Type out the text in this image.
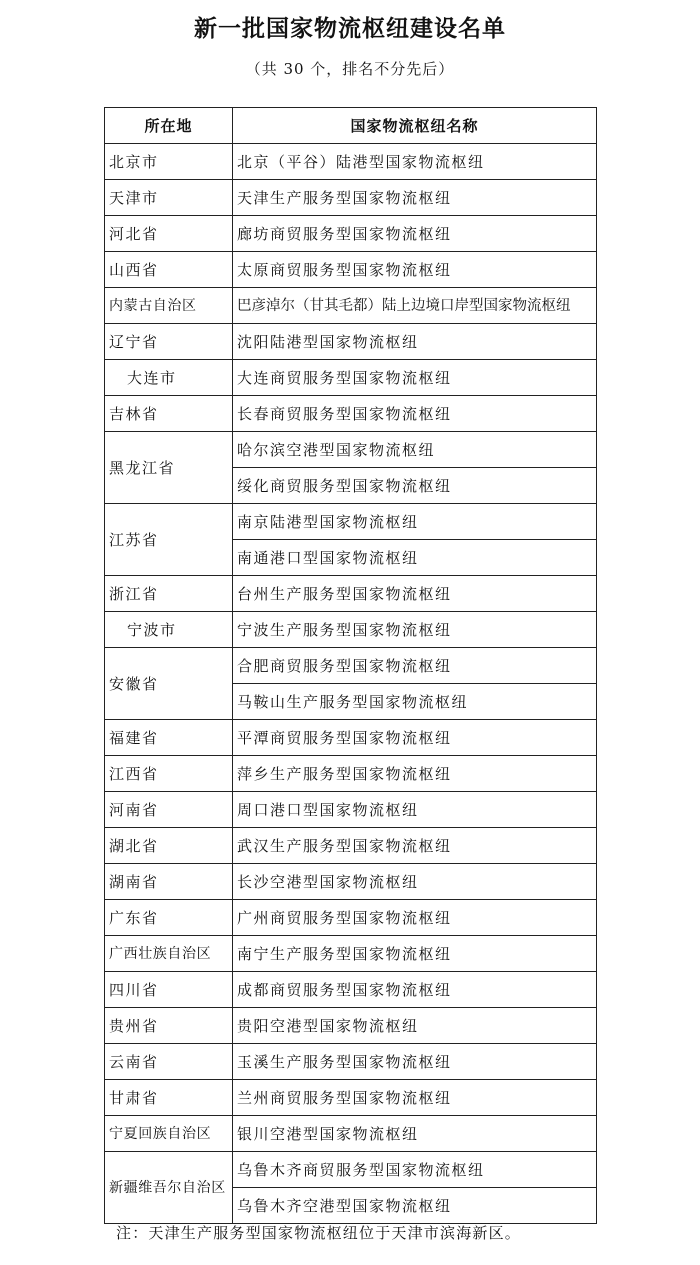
新一批国家物流枢纽建设名单
（共 30 个，排名不分先后）
所在地	国家物流枢纽名称
北京市	北京（平谷）陆港型国家物流枢纽
天津市	天津生产服务型国家物流枢纽
河北省	廊坊商贸服务型国家物流枢纽
山西省	太原商贸服务型国家物流枢纽
内蒙古自治区	巴彦淖尔（甘其毛都）陆上边境口岸型国家物流枢纽
辽宁省	沈阳陆港型国家物流枢纽
大连市	大连商贸服务型国家物流枢纽
吉林省	长春商贸服务型国家物流枢纽
黑龙江省	哈尔滨空港型国家物流枢纽
	绥化商贸服务型国家物流枢纽
江苏省	南京陆港型国家物流枢纽
	南通港口型国家物流枢纽
浙江省	台州生产服务型国家物流枢纽
宁波市	宁波生产服务型国家物流枢纽
安徽省	合肥商贸服务型国家物流枢纽
	马鞍山生产服务型国家物流枢纽
福建省	平潭商贸服务型国家物流枢纽
江西省	萍乡生产服务型国家物流枢纽
河南省	周口港口型国家物流枢纽
湖北省	武汉生产服务型国家物流枢纽
湖南省	长沙空港型国家物流枢纽
广东省	广州商贸服务型国家物流枢纽
广西壮族自治区	南宁生产服务型国家物流枢纽
四川省	成都商贸服务型国家物流枢纽
贵州省	贵阳空港型国家物流枢纽
云南省	玉溪生产服务型国家物流枢纽
甘肃省	兰州商贸服务型国家物流枢纽
宁夏回族自治区	银川空港型国家物流枢纽
新疆维吾尔自治区	乌鲁木齐商贸服务型国家物流枢纽
	乌鲁木齐空港型国家物流枢纽
注：天津生产服务型国家物流枢纽位于天津市滨海新区。
